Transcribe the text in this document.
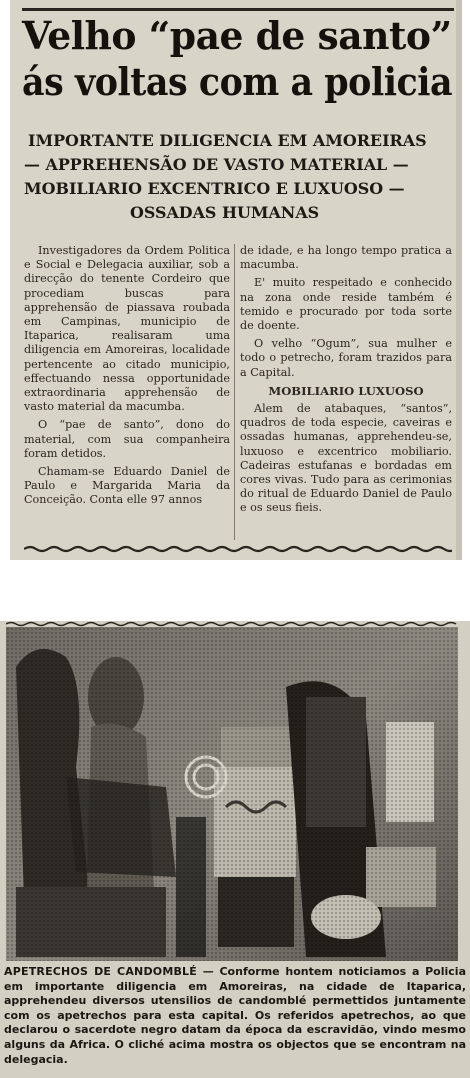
Velho “pae de santo”
ás voltas com a policia
IMPORTANTE DILIGENCIA EM AMOREIRAS
— APPREHENSÃO DE VASTO MATERIAL —
MOBILIARIO EXCENTRICO E LUXUOSO —
OSSADAS HUMANAS

Investigadores da Ordem Politica e Social e Delegacia auxiliar, sob a direcção do tenente Cordeiro que procediam buscas para apprehensão de piassava roubada em Campinas, municipio de Itaparica, realisaram uma diligencia em Amoreiras, localidade pertencente ao citado municipio, effectuando nessa opportunidade extraordinaria apprehensão de vasto material da macumba.

O “pae de santo”, dono do material, com sua companheira foram detidos.

Chamam-se Eduardo Daniel de Paulo e Margarida Maria da Conceição. Conta elle 97 annos

de idade, e ha longo tempo pratica a macumba.

E' muito respeitado e conhecido na zona onde reside também é temido e procurado por toda sorte de doente.

O velho “Ogum”, sua mulher e todo o petrecho, foram trazidos para a Capital.

MOBILIARIO LUXUOSO

Alem de atabaques, “santos”, quadros de toda especie, caveiras e ossadas humanas, apprehendeu-se, luxuoso e excentrico mobiliario. Cadeiras estufanas e bordadas em cores vivas. Tudo para as cerimonias do ritual de Eduardo Daniel de Paulo e os seus fieis.

APETRECHOS DE CANDOMBLÉ — Conforme hontem noticiamos a Policia em importante diligencia em Amoreiras, na cidade de Itaparica, apprehendeu diversos utensilios de candomblé permettidos juntamente com os apetrechos para esta capital. Os referidos apetrechos, ao que declarou o sacerdote negro datam da época da escravidão, vindo mesmo alguns da Africa. O cliché acima mostra os objectos que se encontram na delegacia.
